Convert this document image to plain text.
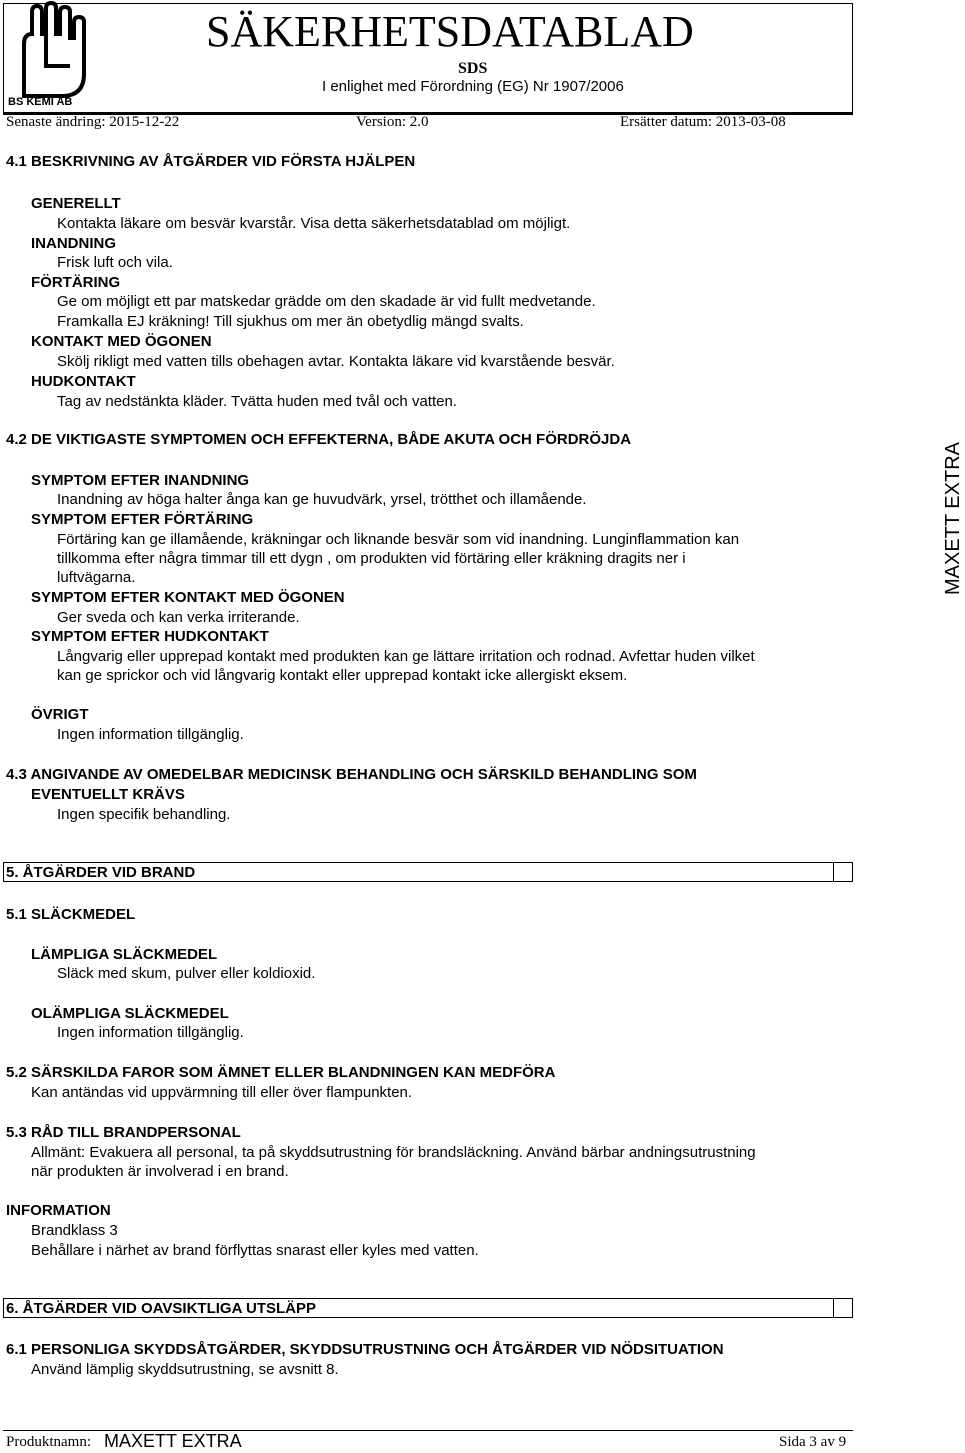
BS KEMI AB
SÄKERHETSDATABLAD
SDS
I enlighet med Förordning (EG) Nr 1907/2006
Senaste ändring: 2015-12-22	Version: 2.0	Ersätter datum: 2013-03-08
4.1 BESKRIVNING AV ÅTGÄRDER VID FÖRSTA HJÄLPEN
GENERELLT
Kontakta läkare om besvär kvarstår. Visa detta säkerhetsdatablad om möjligt.
INANDNING
Frisk luft och vila.
FÖRTÄRING
Ge om möjligt ett par matskedar grädde om den skadade är vid fullt medvetande.
Framkalla EJ kräkning! Till sjukhus om mer än obetydlig mängd svalts.
KONTAKT MED ÖGONEN
Skölj rikligt med vatten tills obehagen avtar. Kontakta läkare vid kvarstående besvär.
HUDKONTAKT
Tag av nedstänkta kläder. Tvätta huden med tvål och vatten.
4.2 DE VIKTIGASTE SYMPTOMEN OCH EFFEKTERNA, BÅDE AKUTA OCH FÖRDRÖJDA
SYMPTOM EFTER INANDNING
Inandning av höga halter ånga kan ge huvudvärk, yrsel, trötthet och illamående.
SYMPTOM EFTER FÖRTÄRING
Förtäring kan ge illamående, kräkningar och liknande besvär som vid inandning. Lunginflammation kan
tillkomma efter några timmar till ett dygn , om produkten vid förtäring eller kräkning dragits ner i
luftvägarna.
SYMPTOM EFTER KONTAKT MED ÖGONEN
Ger sveda och kan verka irriterande.
SYMPTOM EFTER HUDKONTAKT
Långvarig eller upprepad kontakt med produkten kan ge lättare irritation och rodnad. Avfettar huden vilket
kan ge sprickor och vid långvarig kontakt eller upprepad kontakt icke allergiskt eksem.
ÖVRIGT
Ingen information tillgänglig.
4.3 ANGIVANDE AV OMEDELBAR MEDICINSK BEHANDLING OCH SÄRSKILD BEHANDLING SOM
EVENTUELLT KRÄVS
Ingen specifik behandling.
MAXETT EXTRA
5. ÅTGÄRDER VID BRAND
5.1 SLÄCKMEDEL
LÄMPLIGA SLÄCKMEDEL
Släck med skum, pulver eller koldioxid.
OLÄMPLIGA SLÄCKMEDEL
Ingen information tillgänglig.
5.2 SÄRSKILDA FAROR SOM ÄMNET ELLER BLANDNINGEN KAN MEDFÖRA
Kan antändas vid uppvärmning till eller över flampunkten.
5.3 RÅD TILL BRANDPERSONAL
Allmänt: Evakuera all personal, ta på skyddsutrustning för brandsläckning. Använd bärbar andningsutrustning
när produkten är involverad i en brand.
INFORMATION
Brandklass 3
Behållare i närhet av brand förflyttas snarast eller kyles med vatten.
6. ÅTGÄRDER VID OAVSIKTLIGA UTSLÄPP
6.1 PERSONLIGA SKYDDSÅTGÄRDER, SKYDDSUTRUSTNING OCH ÅTGÄRDER VID NÖDSITUATION
Använd lämplig skyddsutrustning, se avsnitt 8.
Produktnamn: MAXETT EXTRA	Sida 3 av 9
